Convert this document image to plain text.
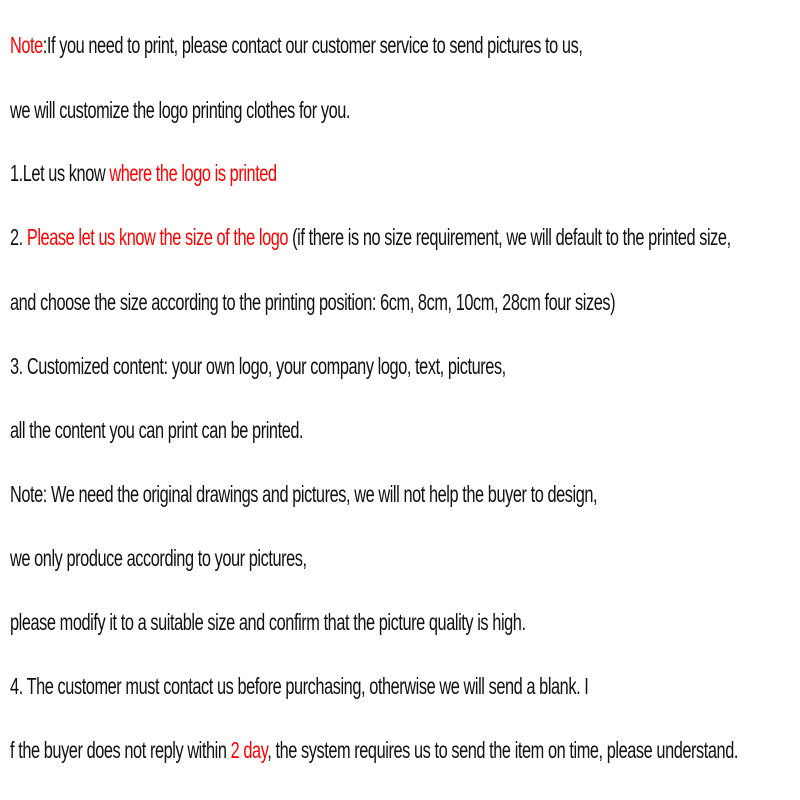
Note:If you need to print, please contact our customer service to send pictures to us,
we will customize the logo printing clothes for you.
1.Let us know where the logo is printed
2. Please let us know the size of the logo (if there is no size requirement, we will default to the printed size,
and choose the size according to the printing position: 6cm, 8cm, 10cm, 28cm four sizes)
3. Customized content: your own logo, your company logo, text, pictures,
all the content you can print can be printed.
Note: We need the original drawings and pictures, we will not help the buyer to design,
we only produce according to your pictures,
please modify it to a suitable size and confirm that the picture quality is high.
4. The customer must contact us before purchasing, otherwise we will send a blank. I
f the buyer does not reply within 2 day, the system requires us to send the item on time, please understand.
